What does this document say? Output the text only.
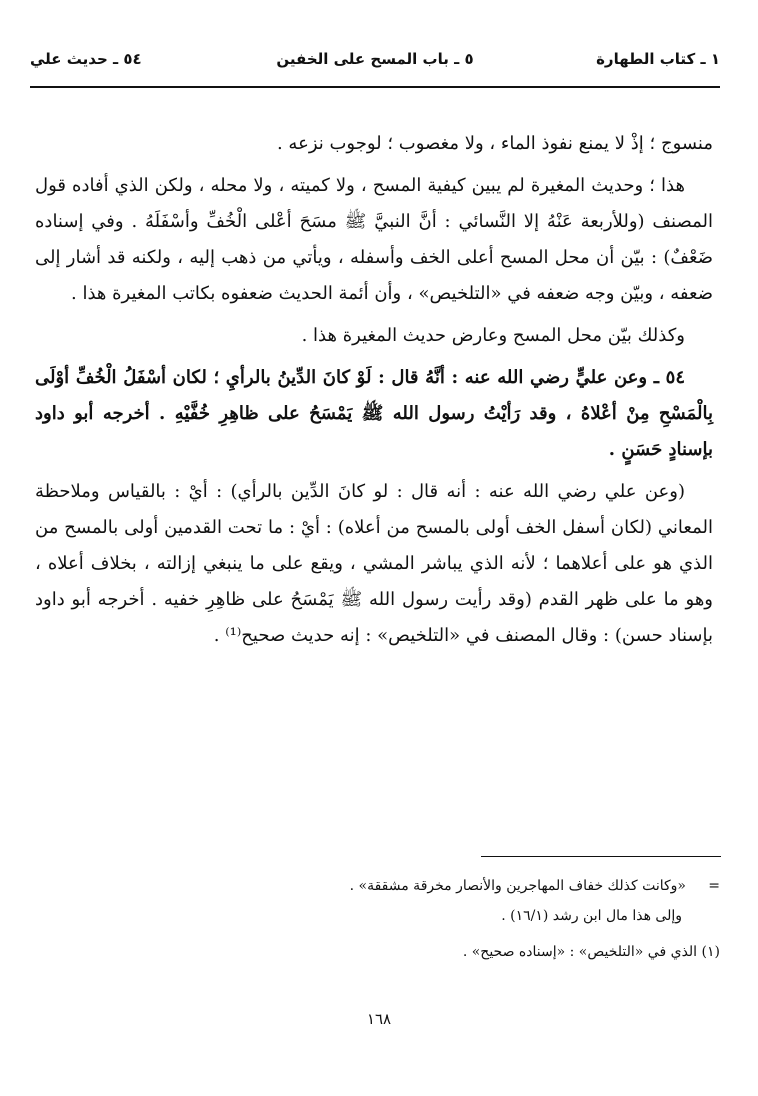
١ ـ كتاب الطهارة
٥ ـ باب المسح على الخفين
٥٤ ـ حديث علي

منسوج ؛ إذْ لا يمنع نفوذ الماء ، ولا مغصوب ؛ لوجوب نزعه .

هذا ؛ وحديث المغيرة لم يبين كيفية المسح ، ولا كميته ، ولا محله ، ولكن الذي أفاده قول المصنف (وللأربعة عَنْهُ إلا النَّسائي : أنَّ النبيَّ ﷺ مسَحَ أعْلى الْخُفِّ وأسْفَلَهُ . وفي إسناده ضَعْفٌ) : بيّن أن محل المسح أعلى الخف وأسفله ، ويأتي من ذهب إليه ، ولكنه قد أشار إلى ضعفه ، وبيّن وجه ضعفه في «التلخيص» ، وأن أئمة الحديث ضعفوه بكاتب المغيرة هذا .

وكذلك بيّن محل المسح وعارض حديث المغيرة هذا .

٥٤ ـ وعن عليٍّ رضي الله عنه : أنَّهُ قال : لَوْ كانَ الدِّينُ بالرأيِ ؛ لكان أسْفَلُ الْخُفِّ أوْلَى بِالْمَسْحِ مِنْ أعْلاهُ ، وقد رَأيْتُ رسول الله ﷺ يَمْسَحُ على ظاهِرِ خُفَّيْهِ . أخرجه أبو داود بإسنادٍ حَسَنٍ .

(وعن علي رضي الله عنه : أنه قال : لو كانَ الدِّين بالرأي) : أيْ : بالقياس وملاحظة المعاني (لكان أسفل الخف أولى بالمسح من أعلاه) : أيْ : ما تحت القدمين أولى بالمسح من الذي هو على أعلاهما ؛ لأنه الذي يباشر المشي ، ويقع على ما ينبغي إزالته ، بخلاف أعلاه ، وهو ما على ظهر القدم (وقد رأيت رسول الله ﷺ يَمْسَحُ على ظاهِرِ خفيه . أخرجه أبو داود بإسناد حسن) : وقال المصنف في «التلخيص» : إنه حديث صحيح⁽¹⁾ .

=     «وكانت كذلك خفاف المهاجرين والأنصار مخرقة مشققة» .

وإلى هذا مال ابن رشد (١٦/١) .

(١) الذي في «التلخيص» : «إسناده صحيح» .

١٦٨
